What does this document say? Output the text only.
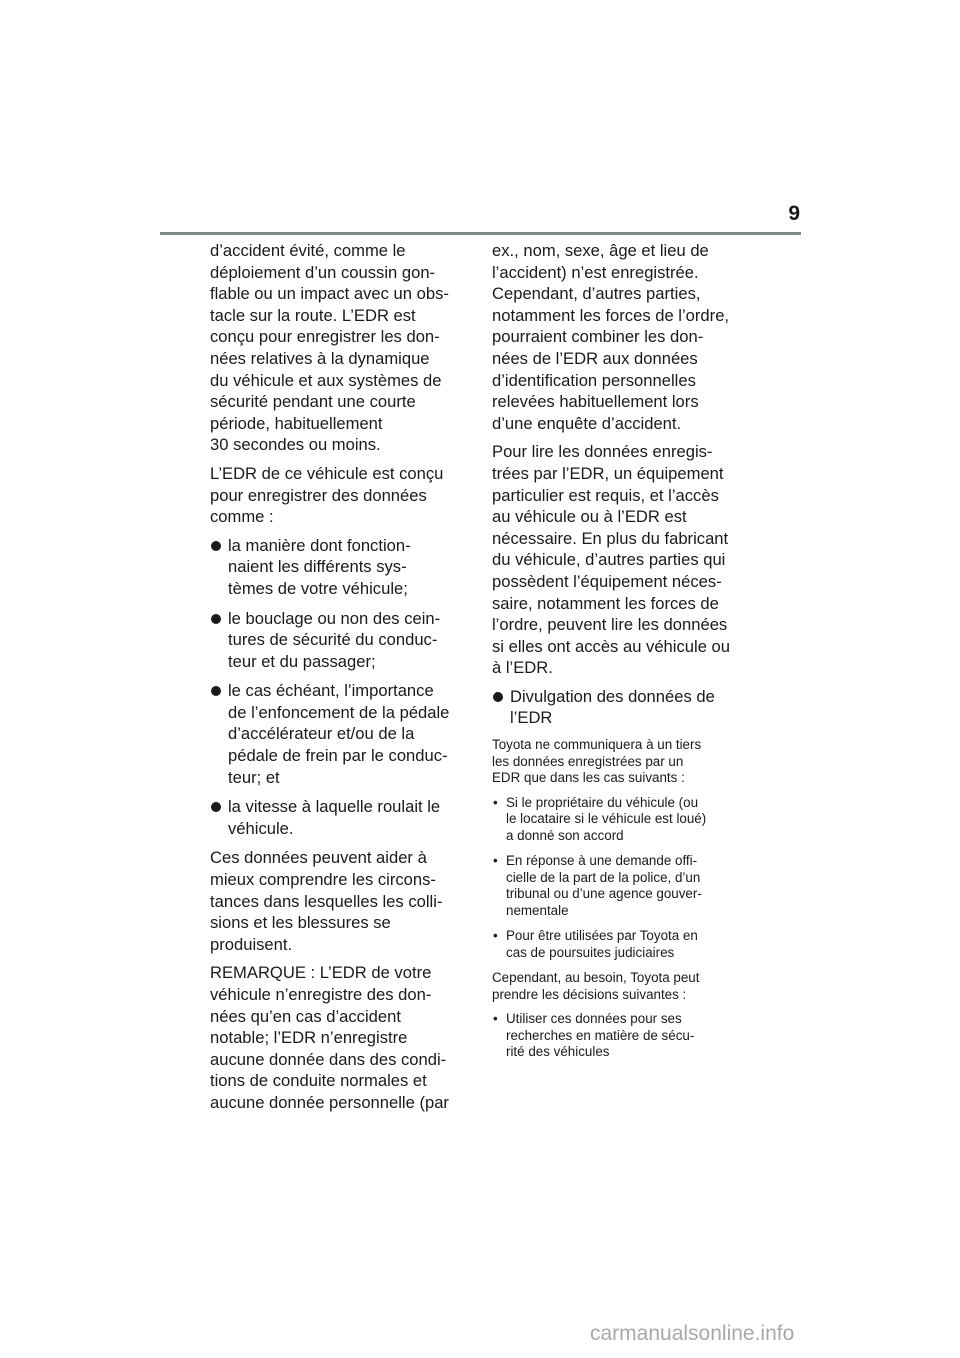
9

d’accident évité, comme le
déploiement d’un coussin gon-
flable ou un impact avec un obs-
tacle sur la route. L’EDR est
conçu pour enregistrer les don-
nées relatives à la dynamique
du véhicule et aux systèmes de
sécurité pendant une courte
période, habituellement
30 secondes ou moins.

L’EDR de ce véhicule est conçu
pour enregistrer des données
comme :

la manière dont fonction-
naient les différents sys-
tèmes de votre véhicule;
le bouclage ou non des cein-
tures de sécurité du conduc-
teur et du passager;
le cas échéant, l’importance
de l’enfoncement de la pédale
d’accélérateur et/ou de la
pédale de frein par le conduc-
teur; et
la vitesse à laquelle roulait le
véhicule.

Ces données peuvent aider à
mieux comprendre les circons-
tances dans lesquelles les colli-
sions et les blessures se
produisent.

REMARQUE : L’EDR de votre
véhicule n’enregistre des don-
nées qu’en cas d’accident
notable; l’EDR n’enregistre
aucune donnée dans des condi-
tions de conduite normales et
aucune donnée personnelle (par

ex., nom, sexe, âge et lieu de
l’accident) n’est enregistrée.
Cependant, d’autres parties,
notamment les forces de l’ordre,
pourraient combiner les don-
nées de l’EDR aux données
d’identification personnelles
relevées habituellement lors
d’une enquête d’accident.

Pour lire les données enregis-
trées par l’EDR, un équipement
particulier est requis, et l’accès
au véhicule ou à l’EDR est
nécessaire. En plus du fabricant
du véhicule, d’autres parties qui
possèdent l’équipement néces-
saire, notamment les forces de
l’ordre, peuvent lire les données
si elles ont accès au véhicule ou
à l’EDR.

Divulgation des données de
l’EDR

Toyota ne communiquera à un tiers
les données enregistrées par un
EDR que dans les cas suivants :

• Si le propriétaire du véhicule (ou
le locataire si le véhicule est loué)
a donné son accord
• En réponse à une demande offi-
cielle de la part de la police, d’un
tribunal ou d’une agence gouver-
nementale
• Pour être utilisées par Toyota en
cas de poursuites judiciaires

Cependant, au besoin, Toyota peut
prendre les décisions suivantes :

• Utiliser ces données pour ses
recherches en matière de sécu-
rité des véhicules
carmanualsonline.info
